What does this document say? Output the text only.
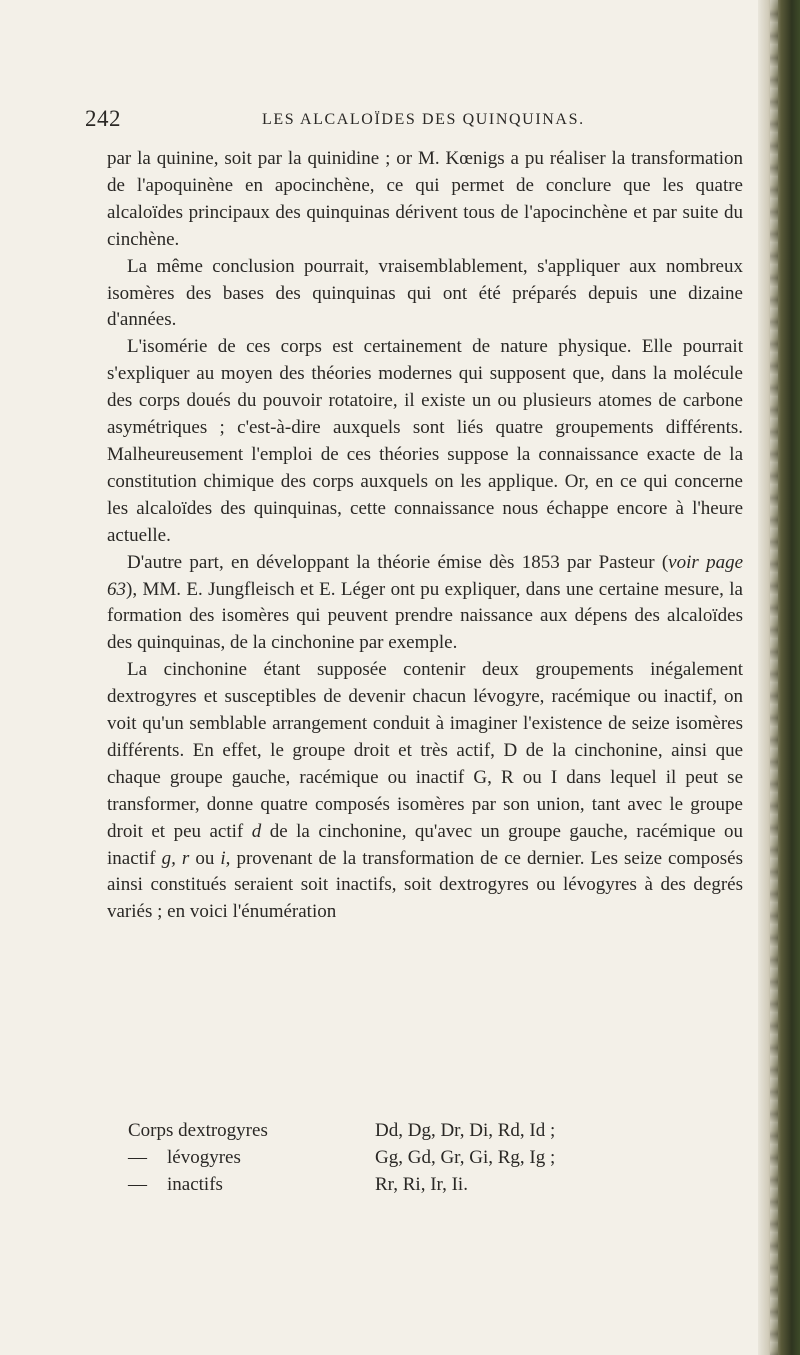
242	LES ALCALOÏDES DES QUINQUINAS.

par la quinine, soit par la quinidine ; or M. Kœnigs a pu réaliser la transformation de l'apoquinène en apocinchène, ce qui permet de conclure que les quatre alcaloïdes principaux des quinquinas dérivent tous de l'apocinchène et par suite du cinchène.

La même conclusion pourrait, vraisemblablement, s'appliquer aux nombreux isomères des bases des quinquinas qui ont été préparés depuis une dizaine d'années.

L'isomérie de ces corps est certainement de nature physique. Elle pourrait s'expliquer au moyen des théories modernes qui supposent que, dans la molécule des corps doués du pouvoir rotatoire, il existe un ou plusieurs atomes de carbone asymétriques ; c'est-à-dire auxquels sont liés quatre groupements différents. Malheureusement l'emploi de ces théories suppose la connaissance exacte de la constitution chimique des corps auxquels on les applique. Or, en ce qui concerne les alcaloïdes des quinquinas, cette connaissance nous échappe encore à l'heure actuelle.

D'autre part, en développant la théorie émise dès 1853 par Pasteur (voir page 63), MM. E. Jungfleisch et E. Léger ont pu expliquer, dans une certaine mesure, la formation des isomères qui peuvent prendre naissance aux dépens des alcaloïdes des quinquinas, de la cinchonine par exemple.

La cinchonine étant supposée contenir deux groupements inégalement dextrogyres et susceptibles de devenir chacun lévogyre, racémique ou inactif, on voit qu'un semblable arrangement conduit à imaginer l'existence de seize isomères différents. En effet, le groupe droit et très actif, D de la cinchonine, ainsi que chaque groupe gauche, racémique ou inactif G, R ou I dans lequel il peut se transformer, donne quatre composés isomères par son union, tant avec le groupe droit et peu actif d de la cinchonine, qu'avec un groupe gauche, racémique ou inactif g, r ou i, provenant de la transformation de ce dernier. Les seize composés ainsi constitués seraient soit inactifs, soit dextrogyres ou lévogyres à des degrés variés ; en voici l'énumération

Corps dextrogyres	Dd, Dg, Dr, Di, Rd, Id ;
— lévogyres	Gg, Gd, Gr, Gi, Rg, Ig ;
— inactifs	Rr, Ri, Ir, Ii.
